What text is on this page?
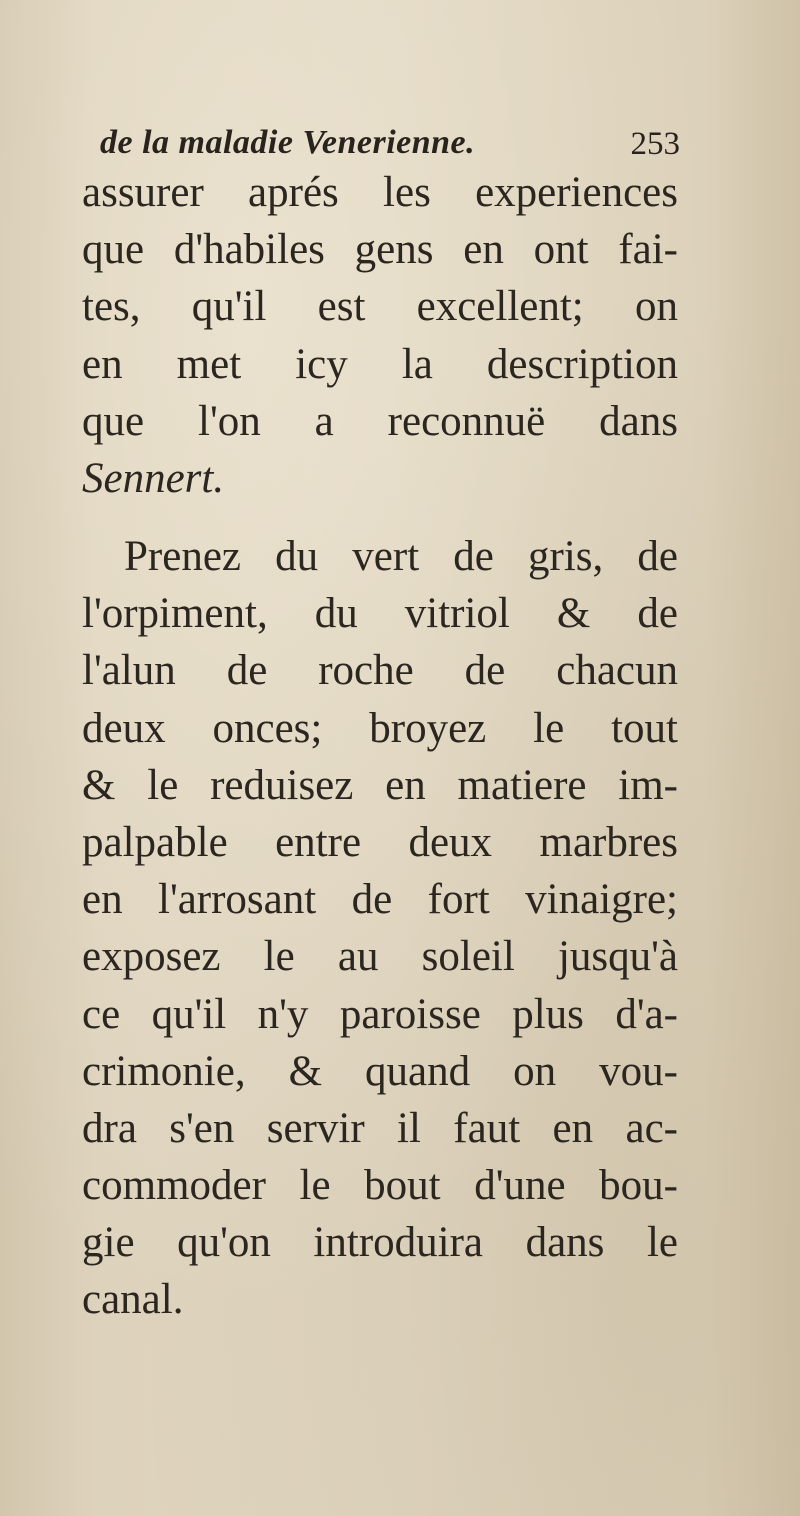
de la maladie Venerienne.	253
assurer aprés les experiences
que d'habiles gens en ont fai-
tes, qu'il est excellent; on
en met icy la description
que l'on a reconnuë dans
Sennert.
Prenez du vert de gris, de
l'orpiment, du vitriol & de
l'alun de roche de chacun
deux onces; broyez le tout
& le reduisez en matiere im-
palpable entre deux marbres
en l'arrosant de fort vinaigre;
exposez le au soleil jusqu'à
ce qu'il n'y paroisse plus d'a-
crimonie, & quand on vou-
dra s'en servir il faut en ac-
commoder le bout d'une bou-
gie qu'on introduira dans le
canal.
